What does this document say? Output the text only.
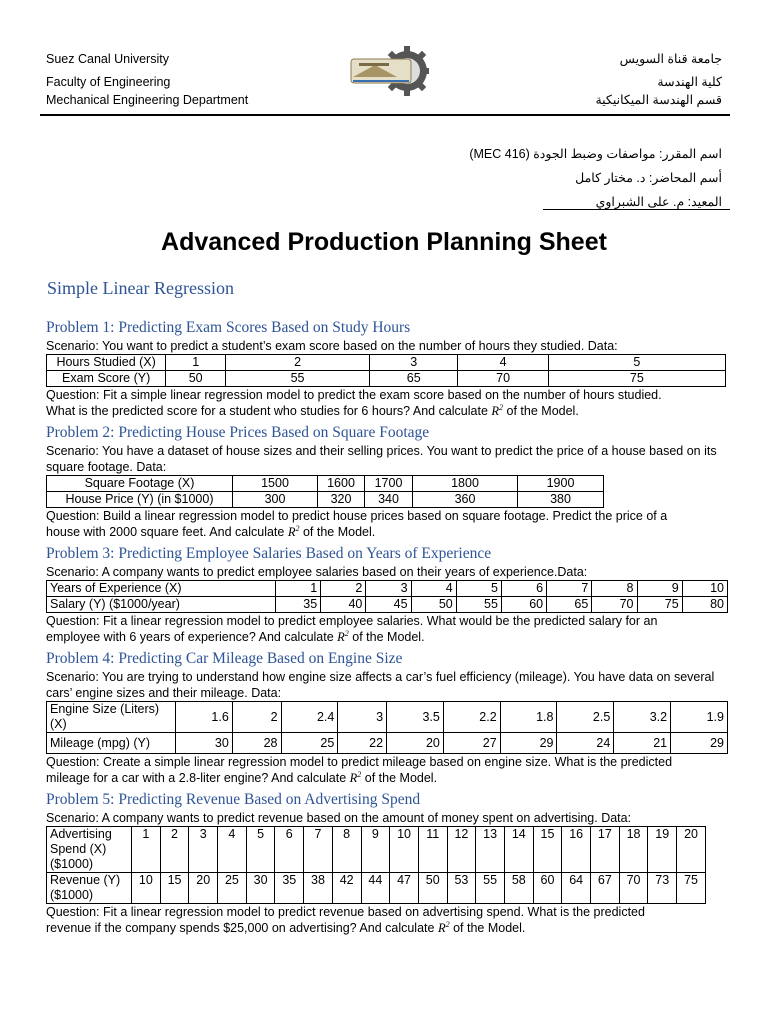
Suez Canal University
Faculty of Engineering
Mechanical Engineering Department
جامعة قناة السويس
كلية الهندسة
قسم الهندسة الميكانيكية
اسم المقرر: مواصفات وضبط الجودة (MEC 416)
أسم المحاضر: د. مختار كامل
المعيد: م. على الشبراوي
Advanced Production Planning Sheet
Simple Linear Regression

Problem 1: Predicting Exam Scores Based on Study Hours

Scenario: You want to predict a student’s exam score based on the number of hours they studied. Data:

Hours Studied (X)	1	2	3	4	5
Exam Score (Y)	50	55	65	70	75

Question: Fit a simple linear regression model to predict the exam score based on the number of hours studied.
What is the predicted score for a student who studies for 6 hours? And calculate $R^2$ of the Model.

Problem 2: Predicting House Prices Based on Square Footage

Scenario: You have a dataset of house sizes and their selling prices. You want to predict the price of a house based on its square footage. Data:

Square Footage (X)	1500	1600	1700	1800	1900
House Price (Y) (in $1000)	300	320	340	360	380

Question: Build a linear regression model to predict house prices based on square footage. Predict the price of a
house with 2000 square feet. And calculate $R^2$ of the Model.

Problem 3: Predicting Employee Salaries Based on Years of Experience

Scenario: A company wants to predict employee salaries based on their years of experience.Data:

Years of Experience (X)	1	2	3	4	5	6	7	8	9	10
Salary (Y) ($1000/year)	35	40	45	50	55	60	65	70	75	80

Question: Fit a linear regression model to predict employee salaries. What would be the predicted salary for an
employee with 6 years of experience? And calculate $R^2$ of the Model.

Problem 4: Predicting Car Mileage Based on Engine Size

Scenario: You are trying to understand how engine size affects a car’s fuel efficiency (mileage). You have data on several cars’ engine sizes and their mileage. Data:

Engine Size (Liters) (X)	1.6	2	2.4	3	3.5	2.2	1.8	2.5	3.2	1.9
Mileage (mpg) (Y)	30	28	25	22	20	27	29	24	21	29

Question: Create a simple linear regression model to predict mileage based on engine size. What is the predicted
mileage for a car with a 2.8-liter engine? And calculate $R^2$ of the Model.

Problem 5: Predicting Revenue Based on Advertising Spend

Scenario: A company wants to predict revenue based on the amount of money spent on advertising. Data:

Advertising
Spend (X)
($1000)	1	2	3	4	5	6	7	8	9	10	11	12	13	14	15	16	17	18	19	20
Revenue (Y)
($1000)	10	15	20	25	30	35	38	42	44	47	50	53	55	58	60	64	67	70	73	75

Question: Fit a linear regression model to predict revenue based on advertising spend. What is the predicted
revenue if the company spends $25,000 on advertising? And calculate $R^2$ of the Model.
